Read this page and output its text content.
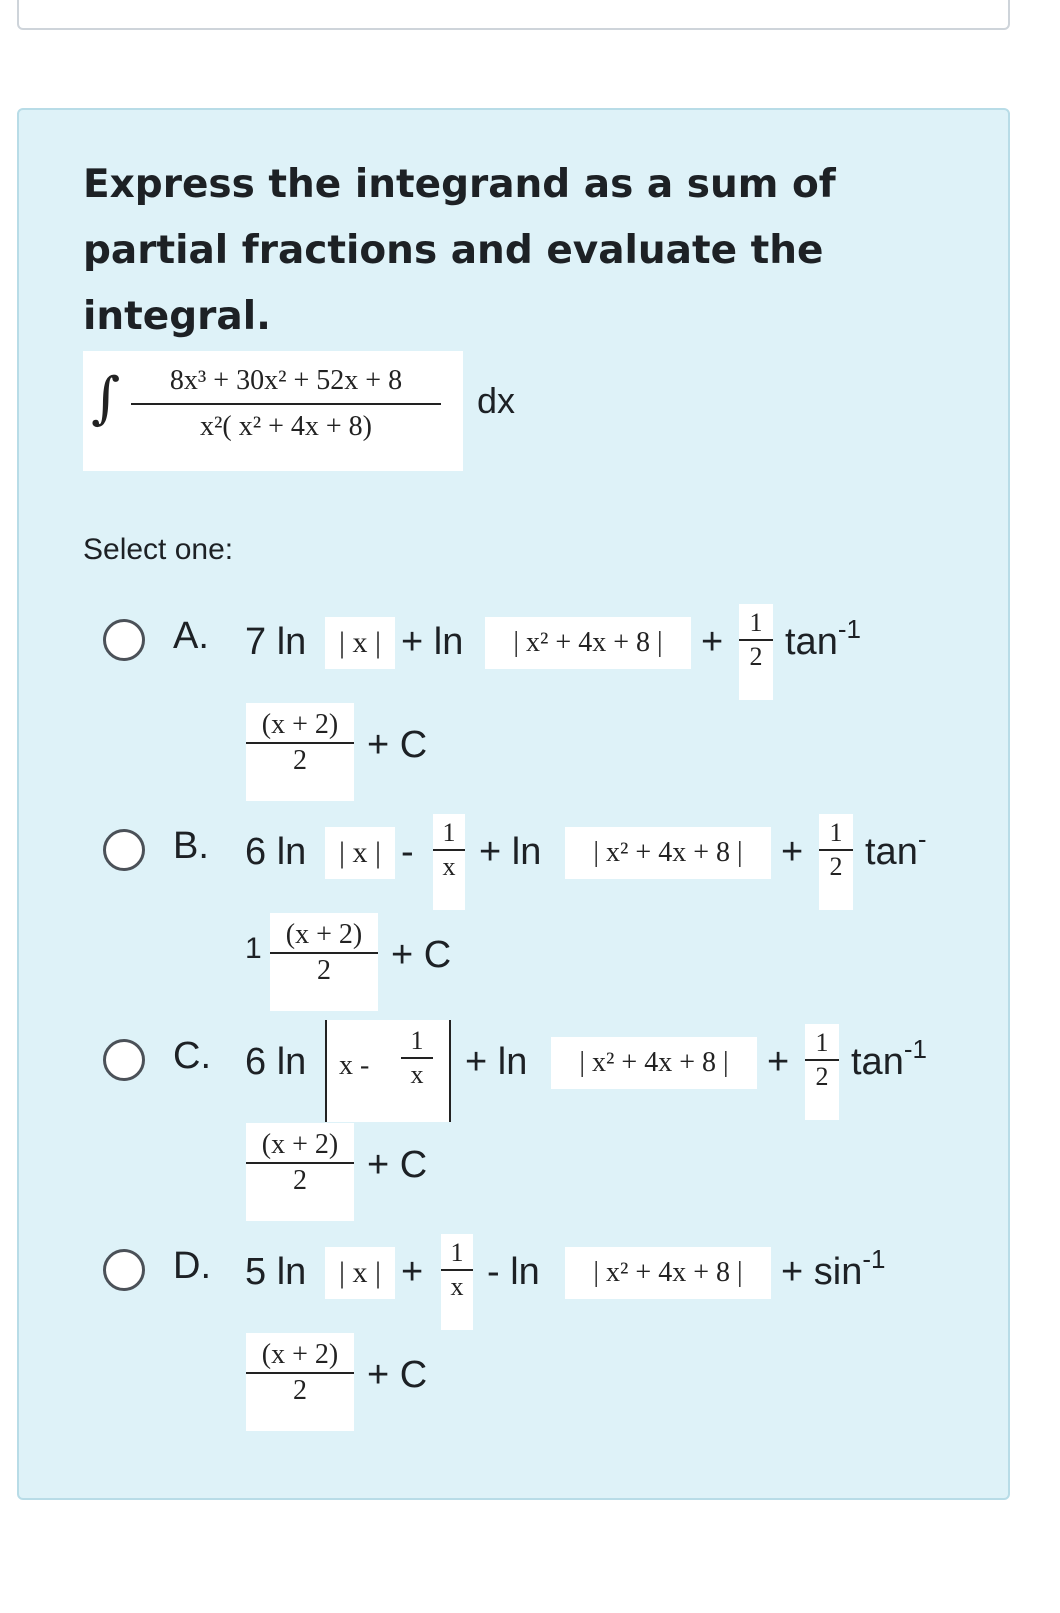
Express the integrand as a sum of partial fractions and evaluate the integral.
∫	8x³ + 30x² + 52x + 8
x²( x² + 4x + 8)
dx
Select one:
A. 7 ln	| x | + ln	| x² + 4x + 8 |	+	1
2 $\tan^{-1}$
(x + 2)
2	+ C
B. 6 ln	| x | -	1
x + ln	| x² + 4x + 8 |	+	1
2 tan-
1 (x + 2)
2	+ C
C. 6 ln x -
1
x + ln	| x² + 4x + 8 |	+	1
2 $\tan^{-1}$
(x + 2)
2	+ C
D. 5 ln	| x | +	1
x - ln	| x² + 4x + 8 |	+ $\sin^{-1}$
(x + 2)
2	+ C
